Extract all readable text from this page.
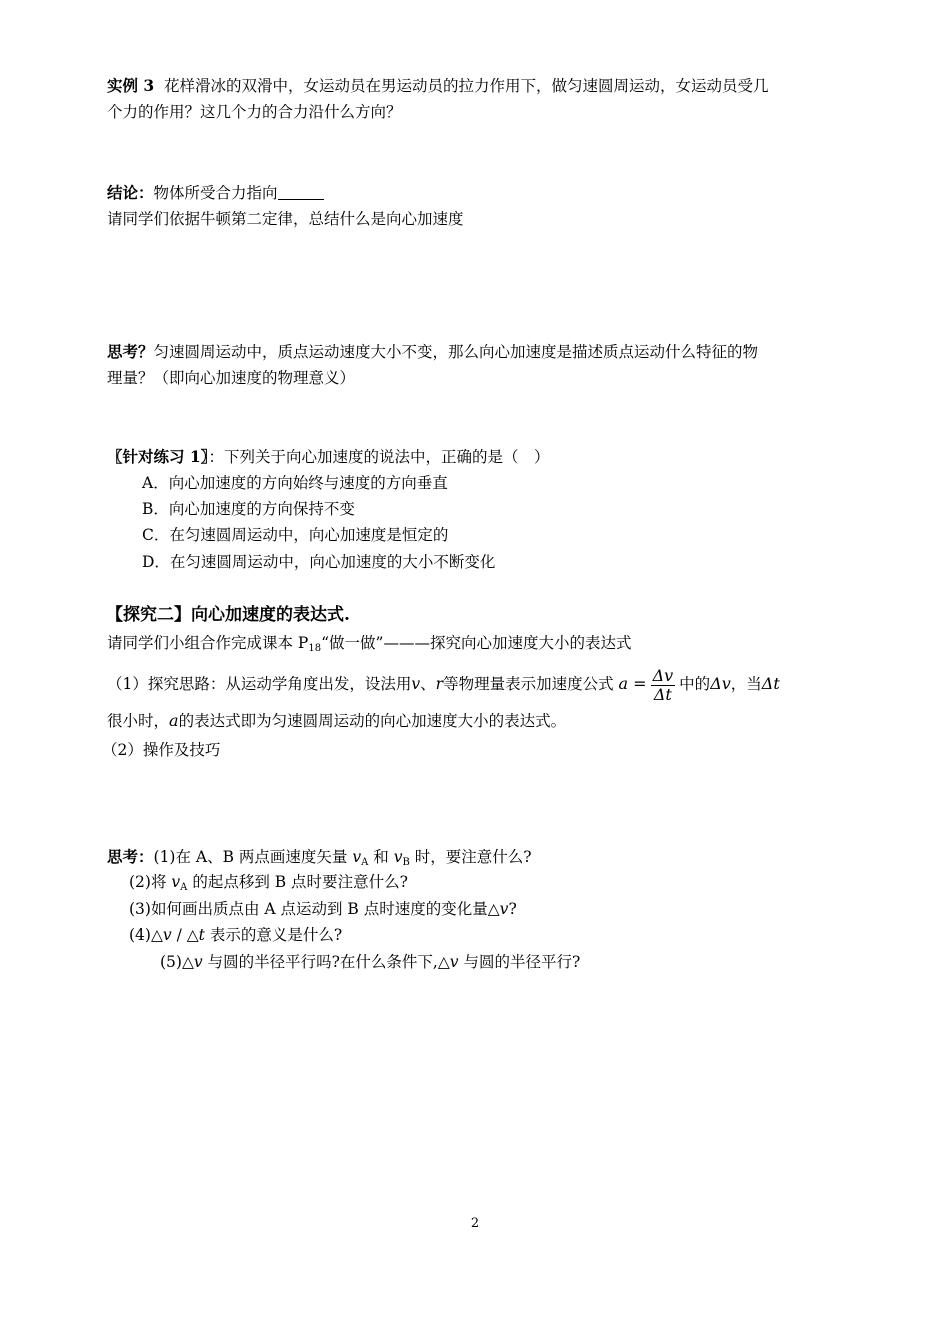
实例 3 花样滑冰的双滑中，女运动员在男运动员的拉力作用下，做匀速圆周运动，女运动员受几
个力的作用？这几个力的合力沿什么方向？
结论：物体所受合力指向
请同学们依据牛顿第二定律，总结什么是向心加速度
思考？匀速圆周运动中，质点运动速度大小不变，那么向心加速度是描述质点运动什么特征的物
理量？（即向心加速度的物理意义）
〖针对练习 1〗：下列关于向心加速度的说法中，正确的是（　）
A．向心加速度的方向始终与速度的方向垂直
B．向心加速度的方向保持不变
C．在匀速圆周运动中，向心加速度是恒定的
D．在匀速圆周运动中，向心加速度的大小不断变化
【探究二】向心加速度的表达式.
请同学们小组合作完成课本 $P_{18}“$做一做”———探究向心加速度大小的表达式
（1）探究思路：从运动学角度出发，设法用v、r等物理量表示加速度公式 $a = \frac{\Delta v}{\Delta t}$ 中的Δv，当Δt
很小时，a的表达式即为匀速圆周运动的向心加速度大小的表达式。
（2）操作及技巧
思考：(1)在 A、B 两点画速度矢量 $v_A$ 和 $v_B$ 时，要注意什么?
(2)将 $v_A$ 的起点移到 B 点时要注意什么?
(3)如何画出质点由 A 点运动到 B 点时速度的变化量△v?
(4)△v / △t 表示的意义是什么?
(5)△v 与圆的半径平行吗?在什么条件下,△v 与圆的半径平行?
2
